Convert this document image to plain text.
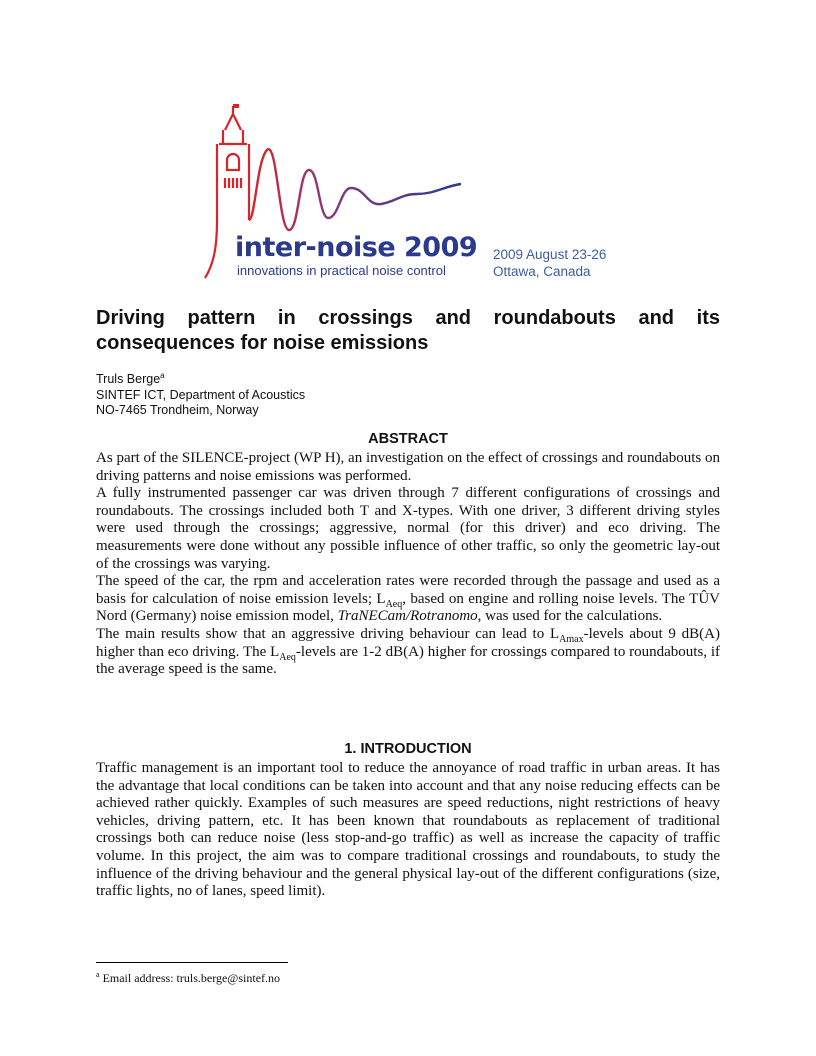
inter-noise 2009
innovations in practical noise control
2009 August 23-26
Ottawa, Canada
Driving pattern in crossings and roundabouts and its consequences for noise emissions
Truls Berge$^a$
SINTEF ICT, Department of Acoustics
NO-7465 Trondheim, Norway
ABSTRACT

As part of the SILENCE-project (WP H), an investigation on the effect of crossings and roundabouts on driving patterns and noise emissions was performed.

A fully instrumented passenger car was driven through 7 different configurations of crossings and roundabouts. The crossings included both T and X-types. With one driver, 3 different driving styles were used through the crossings; aggressive, normal (for this driver) and eco driving. The measurements were done without any possible influence of other traffic, so only the geometric lay-out of the crossings was varying.

The speed of the car, the rpm and acceleration rates were recorded through the passage and used as a basis for calculation of noise emission levels; $L_{Aeq}$, based on engine and rolling noise levels. The TÛV Nord (Germany) noise emission model, TraNECam/Rotranomo, was used for the calculations.

The main results show that an aggressive driving behaviour can lead to $L_{Amax}$-levels about 9 dB(A) higher than eco driving. The $L_{Aeq}$-levels are 1-2 dB(A) higher for crossings compared to roundabouts, if the average speed is the same.

1. INTRODUCTION

Traffic management is an important tool to reduce the annoyance of road traffic in urban areas. It has the advantage that local conditions can be taken into account and that any noise reducing effects can be achieved rather quickly. Examples of such measures are speed reductions, night restrictions of heavy vehicles, driving pattern, etc. It has been known that roundabouts as replacement of traditional crossings both can reduce noise (less stop-and-go traffic) as well as increase the capacity of traffic volume. In this project, the aim was to compare traditional crossings and roundabouts, to study the influence of the driving behaviour and the general physical lay-out of the different configurations (size, traffic lights, no of lanes, speed limit).

$^a$ Email address: truls.berge@sintef.no
